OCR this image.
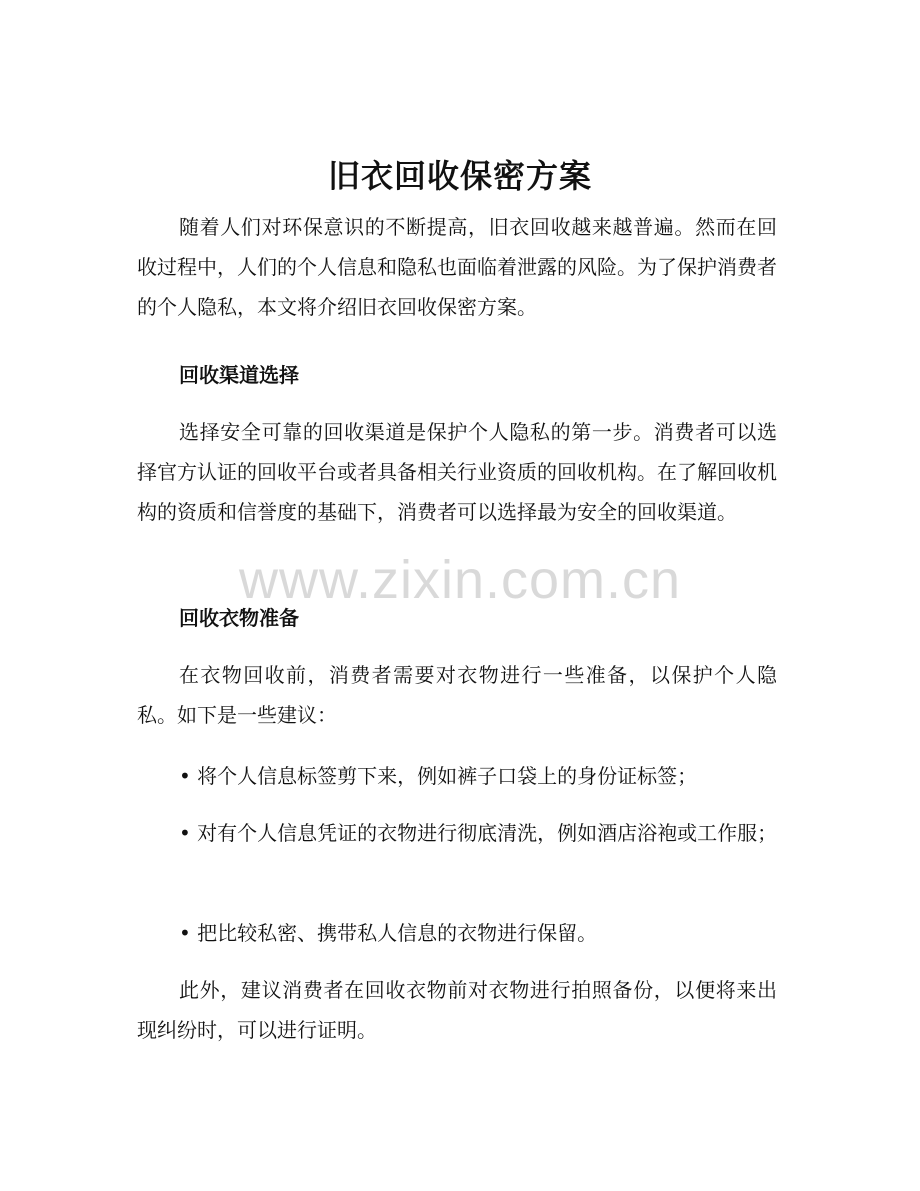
旧衣回收保密方案

随着人们对环保意识的不断提高，旧衣回收越来越普遍。然而在回收过程中，人们的个人信息和隐私也面临着泄露的风险。为了保护消费者的个人隐私，本文将介绍旧衣回收保密方案。

回收渠道选择

选择安全可靠的回收渠道是保护个人隐私的第一步。消费者可以选择官方认证的回收平台或者具备相关行业资质的回收机构。在了解回收机构的资质和信誉度的基础下，消费者可以选择最为安全的回收渠道。

回收衣物准备

在衣物回收前，消费者需要对衣物进行一些准备，以保护个人隐私。如下是一些建议：

• 将个人信息标签剪下来，例如裤子口袋上的身份证标签；

• 对有个人信息凭证的衣物进行彻底清洗，例如酒店浴袍或工作服；

• 把比较私密、携带私人信息的衣物进行保留。

此外，建议消费者在回收衣物前对衣物进行拍照备份，以便将来出现纠纷时，可以进行证明。

www.zixin.com.cn
